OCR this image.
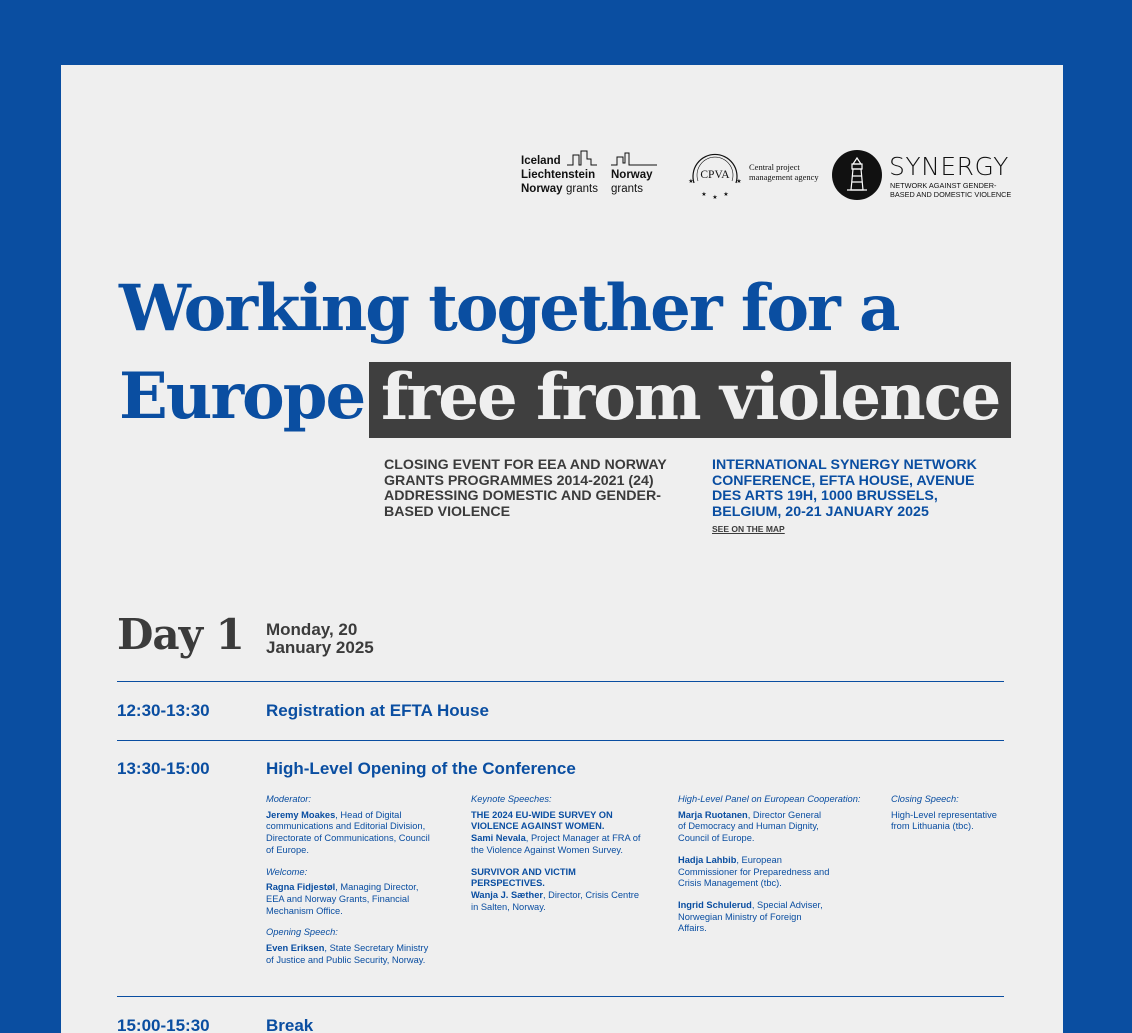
Iceland
Liechtenstein
Norway grants
Norway
grants
CPVA
★	★
★ ★ ★
Central project management agency	SYNERGY
NETWORK AGAINST GENDER-BASED AND DOMESTIC VIOLENCE
Working together for a
Europe free from violence
CLOSING EVENT FOR EEA AND NORWAY GRANTS PROGRAMMES 2014-2021 (24) ADDRESSING DOMESTIC AND GENDER-BASED VIOLENCE
INTERNATIONAL SYNERGY NETWORK CONFERENCE, EFTA HOUSE, AVENUE DES ARTS 19H, 1000 BRUSSELS, BELGIUM, 20-21 JANUARY 2025
SEE ON THE MAP
Day 1 Monday, 20 January 2025
12:30-13:30	Registration at EFTA House
13:30-15:00	High-Level Opening of the Conference
Moderator:
Jeremy Moakes, Head of Digital communications and Editorial Division, Directorate of Communications, Council of Europe.
Welcome:
Ragna Fidjestøl, Managing Director, EEA and Norway Grants, Financial Mechanism Office.
Opening Speech:
Even Eriksen, State Secretary Ministry of Justice and Public Security, Norway.
Keynote Speeches:
THE 2024 EU-WIDE SURVEY ON VIOLENCE AGAINST WOMEN.
Sami Nevala, Project Manager at FRA of the Violence Against Women Survey.
SURVIVOR AND VICTIM PERSPECTIVES.
Wanja J. Sæther, Director, Crisis Centre in Salten, Norway.
High-Level Panel on European Cooperation:
Marja Ruotanen, Director General of Democracy and Human Dignity, Council of Europe.
Hadja Lahbib, European Commissioner for Preparedness and Crisis Management (tbc).
Ingrid Schulerud, Special Adviser, Norwegian Ministry of Foreign Affairs.
Closing Speech:
High-Level representative from Lithuania (tbc).
15:00-15:30	Break
